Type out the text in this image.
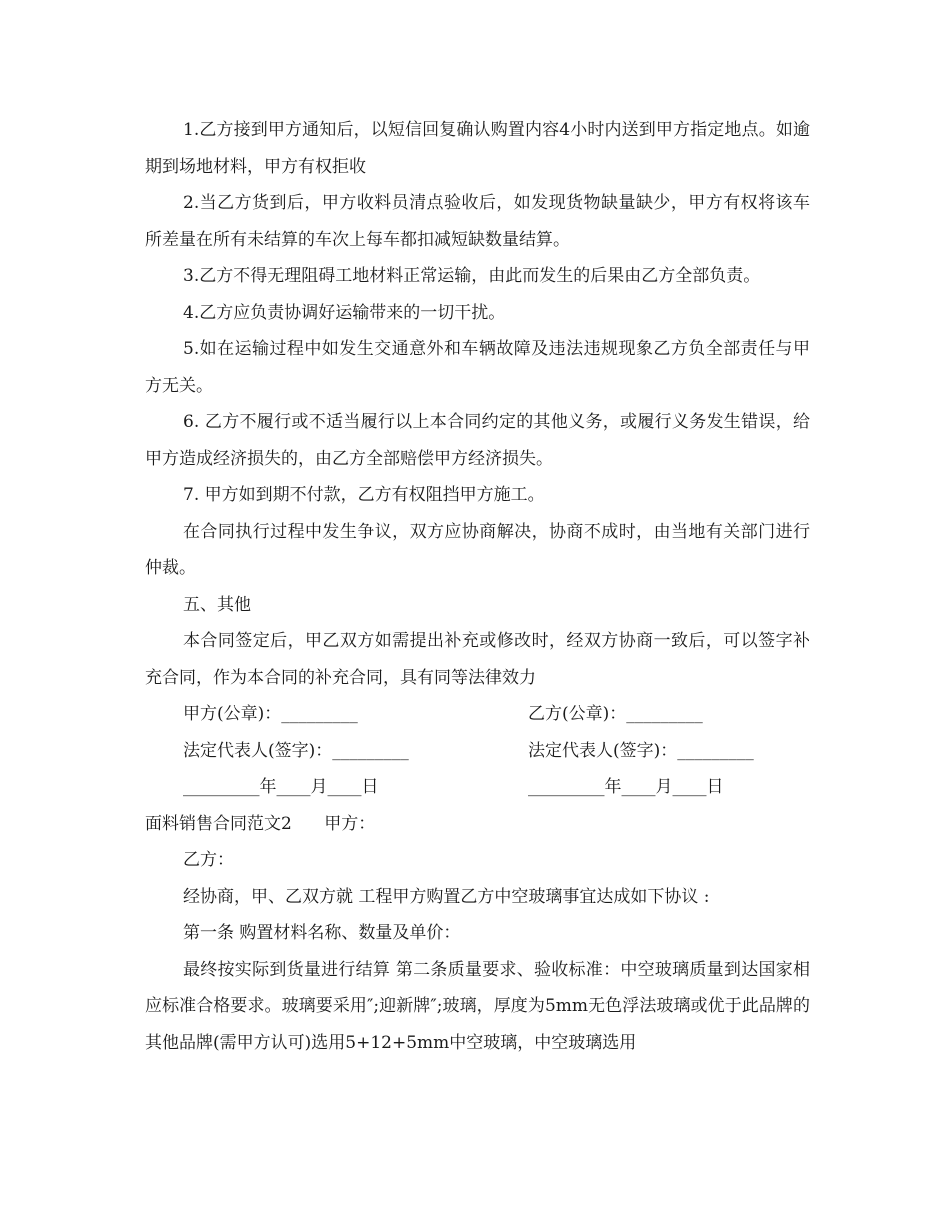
1.乙方接到甲方通知后，以短信回复确认购置内容4小时内送到甲方指定地点。如逾期到场地材料，甲方有权拒收

2.当乙方货到后，甲方收料员清点验收后，如发现货物缺量缺少，甲方有权将该车所差量在所有未结算的车次上每车都扣减短缺数量结算。

3.乙方不得无理阻碍工地材料正常运输，由此而发生的后果由乙方全部负责。

4.乙方应负责协调好运输带来的一切干扰。

5.如在运输过程中如发生交通意外和车辆故障及违法违规现象乙方负全部责任与甲方无关。

6. 乙方不履行或不适当履行以上本合同约定的其他义务，或履行义务发生错误，给甲方造成经济损失的，由乙方全部赔偿甲方经济损失。

7. 甲方如到期不付款，乙方有权阻挡甲方施工。

在合同执行过程中发生争议，双方应协商解决，协商不成时，由当地有关部门进行仲裁。

五、其他

本合同签定后，甲乙双方如需提出补充或修改时，经双方协商一致后，可以签字补充合同，作为本合同的补充合同，具有同等法律效力

甲方(公章)：_________	乙方(公章)：_________
法定代表人(签字)：_________	法定代表人(签字)：_________
_________年____月____日	_________年____月____日
面料销售合同范文2      甲方：

乙方：

经协商，甲、乙双方就 工程甲方购置乙方中空玻璃事宜达成如下协议 :

第一条 购置材料名称、数量及单价：

最终按实际到货量进行结算 第二条质量要求、验收标准：中空玻璃质量到达国家相应标准合格要求。玻璃要采用″;迎新牌″;玻璃，厚度为5mm无色浮法玻璃或优于此品牌的其他品牌(需甲方认可)选用5+12+5mm中空玻璃，中空玻璃选用
